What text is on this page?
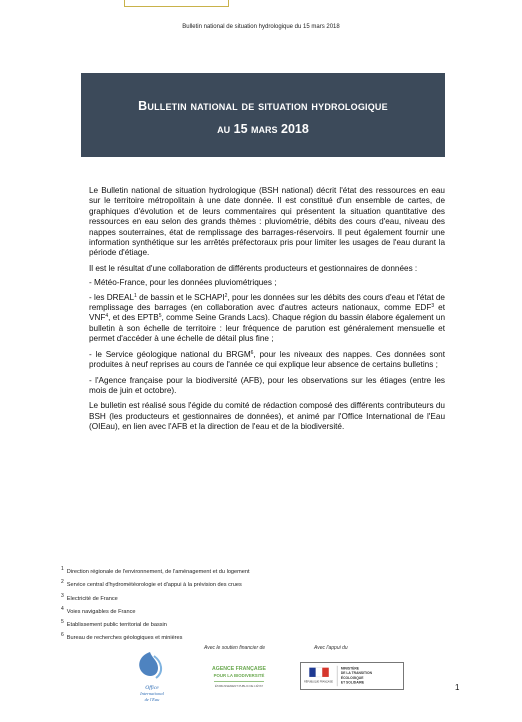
Bulletin national de situation hydrologique du 15 mars 2018
Bulletin national de situation hydrologique
au 15 mars 2018

Le Bulletin national de situation hydrologique (BSH national) décrit l'état des ressources en eau sur le territoire métropolitain à une date donnée. Il est constitué d'un ensemble de cartes, de graphiques d'évolution et de leurs commentaires qui présentent la situation quantitative des ressources en eau selon des grands thèmes : pluviométrie, débits des cours d'eau, niveau des nappes souterraines, état de remplissage des barrages-réservoirs. Il peut également fournir une information synthétique sur les arrêtés préfectoraux pris pour limiter les usages de l'eau durant la période d'étiage.

Il est le résultat d'une collaboration de différents producteurs et gestionnaires de données :

- Météo-France, pour les données pluviométriques ;

- les DREAL$^1$ de bassin et le SCHAPI$^2$, pour les données sur les débits des cours d'eau et l'état de remplissage des barrages (en collaboration avec d'autres acteurs nationaux, comme EDF$^3$ et VNF$^4$, et des EPTB$^5$, comme Seine Grands Lacs). Chaque région du bassin élabore également un bulletin à son échelle de territoire : leur fréquence de parution est généralement mensuelle et permet d'accéder à une échelle de détail plus fine ;

- le Service géologique national du BRGM$^6$, pour les niveaux des nappes. Ces données sont produites à neuf reprises au cours de l'année ce qui explique leur absence de certains bulletins ;

- l'Agence française pour la biodiversité (AFB), pour les observations sur les étiages (entre les mois de juin et octobre).

Le bulletin est réalisé sous l'égide du comité de rédaction composé des différents contributeurs du BSH (les producteurs et gestionnaires de données), et animé par l'Office International de l'Eau (OIEau), en lien avec l'AFB et la direction de l'eau et de la biodiversité.

$^1$ Direction régionale de l'environnement, de l'aménagement et du logement
$^2$ Service central d'hydrométéorologie et d'appui à la prévision des crues
$^3$ Electricité de France
$^4$ Voies navigables de France
$^5$ Etablissement public territorial de bassin
$^6$ Bureau de recherches géologiques et minières
Office
International
de l'Eau
Avec le soutien financier de	Avec l'appui du
AGENCE FRANÇAISE
POUR LA BIODIVERSITÉ
ÉTABLISSEMENT PUBLIC DE L'ÉTAT
RÉPUBLIQUE FRANÇAISE
MINISTÈRE
DE LA TRANSITION
ÉCOLOGIQUE
ET SOLIDAIRE
1
